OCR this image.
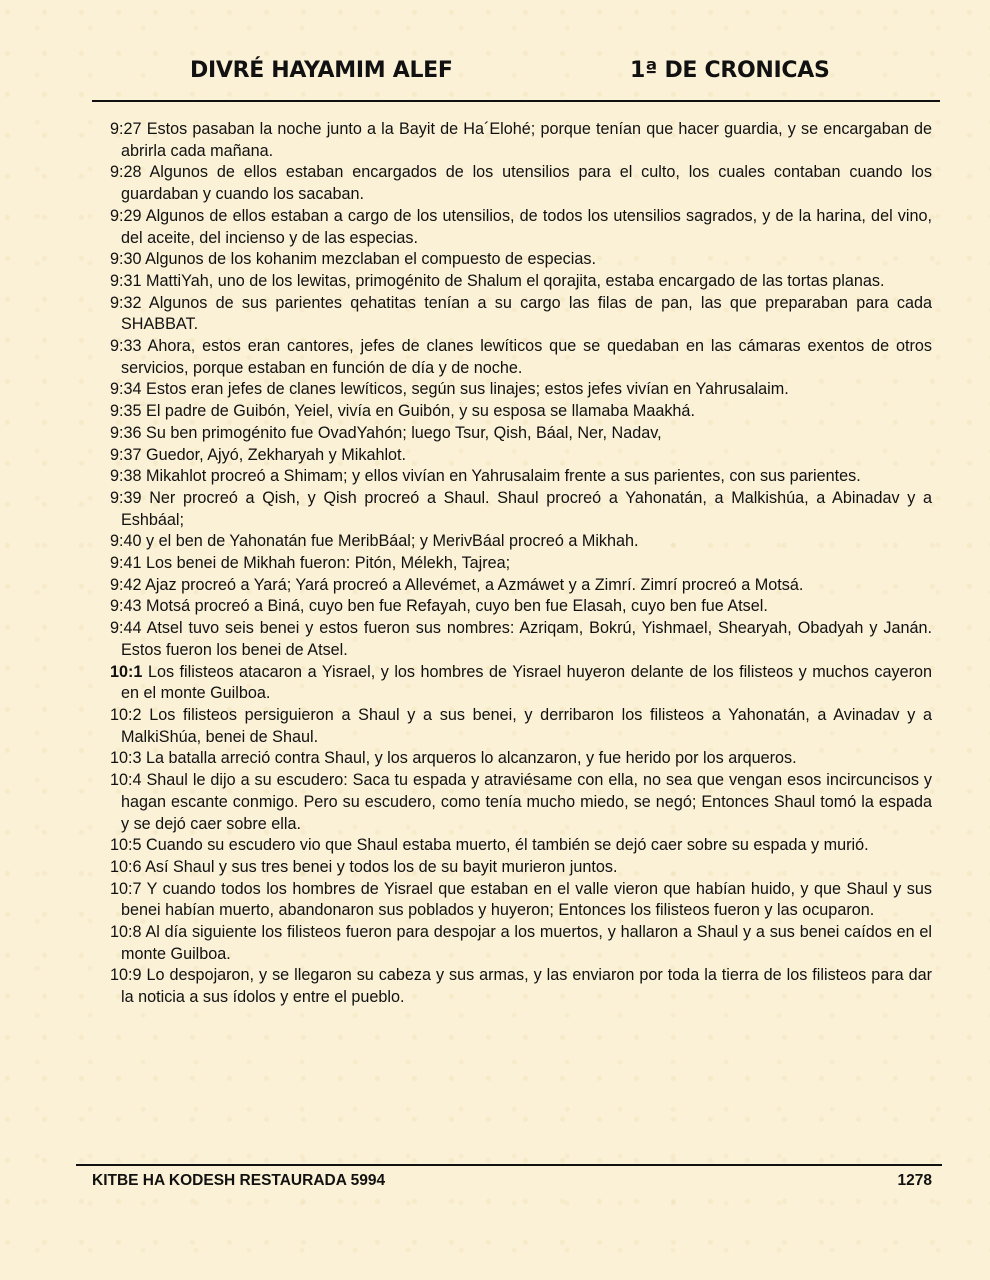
DIVRÉ HAYAMIM ALEF	1ª DE CRONICAS
9:27 Estos pasaban la noche junto a la Bayit de Ha´Elohé; porque tenían que hacer guardia, y se encargaban de abrirla cada mañana.
9:28 Algunos de ellos estaban encargados de los utensilios para el culto, los cuales contaban cuando los guardaban y cuando los sacaban.
9:29 Algunos de ellos estaban a cargo de los utensilios, de todos los utensilios sagrados, y de la harina, del vino, del aceite, del incienso y de las especias.
9:30 Algunos de los kohanim mezclaban el compuesto de especias.
9:31 MattiYah, uno de los lewitas, primogénito de Shalum el qorajita, estaba encargado de las tortas planas.
9:32 Algunos de sus parientes qehatitas tenían a su cargo las filas de pan, las que preparaban para cada SHABBAT.
9:33 Ahora, estos eran cantores, jefes de clanes lewíticos que se quedaban en las cámaras exentos de otros servicios, porque estaban en función de día y de noche.
9:34 Estos eran jefes de clanes lewíticos, según sus linajes; estos jefes vivían en Yahrusalaim.
9:35 El padre de Guibón, Yeiel, vivía en Guibón, y su esposa se llamaba Maakhá.
9:36 Su ben primogénito fue OvadYahón; luego Tsur, Qish, Báal, Ner, Nadav,
9:37 Guedor, Ajyó, Zekharyah y Mikahlot.
9:38 Mikahlot procreó a Shimam; y ellos vivían en Yahrusalaim frente a sus parientes, con sus parientes.
9:39 Ner procreó a Qish, y Qish procreó a Shaul. Shaul procreó a Yahonatán, a Malkishúa, a Abinadav y a Eshbáal;
9:40 y el ben de Yahonatán fue MeribBáal; y MerivBáal procreó a Mikhah.
9:41 Los benei de Mikhah fueron: Pitón, Mélekh, Tajrea;
9:42 Ajaz procreó a Yará; Yará procreó a Allevémet, a Azmáwet y a Zimrí. Zimrí procreó a Motsá.
9:43 Motsá procreó a Biná, cuyo ben fue Refayah, cuyo ben fue Elasah, cuyo ben fue Atsel.
9:44 Atsel tuvo seis benei y estos fueron sus nombres: Azriqam, Bokrú, Yishmael, Shearyah, Obadyah y Janán. Estos fueron los benei de Atsel.
10:1 Los filisteos atacaron a Yisrael, y los hombres de Yisrael huyeron delante de los filisteos y muchos cayeron en el monte Guilboa.
10:2 Los filisteos persiguieron a Shaul y a sus benei, y derribaron los filisteos a Yahonatán, a Avinadav y a MalkiShúa, benei de Shaul.
10:3 La batalla arreció contra Shaul, y los arqueros lo alcanzaron, y fue herido por los arqueros.
10:4 Shaul le dijo a su escudero: Saca tu espada y atraviésame con ella, no sea que vengan esos incircuncisos y hagan escante conmigo. Pero su escudero, como tenía mucho miedo, se negó; Entonces Shaul tomó la espada y se dejó caer sobre ella.
10:5 Cuando su escudero vio que Shaul estaba muerto, él también se dejó caer sobre su espada y murió.
10:6 Así Shaul y sus tres benei y todos los de su bayit murieron juntos.
10:7 Y cuando todos los hombres de Yisrael que estaban en el valle vieron que habían huido, y que Shaul y sus benei habían muerto, abandonaron sus poblados y huyeron; Entonces los filisteos fueron y las ocuparon.
10:8 Al día siguiente los filisteos fueron para despojar a los muertos, y hallaron a Shaul y a sus benei caídos en el monte Guilboa.
10:9 Lo despojaron, y se llegaron su cabeza y sus armas, y las enviaron por toda la tierra de los filisteos para dar la noticia a sus ídolos y entre el pueblo.
KITBE HA KODESH RESTAURADA 5994	1278
